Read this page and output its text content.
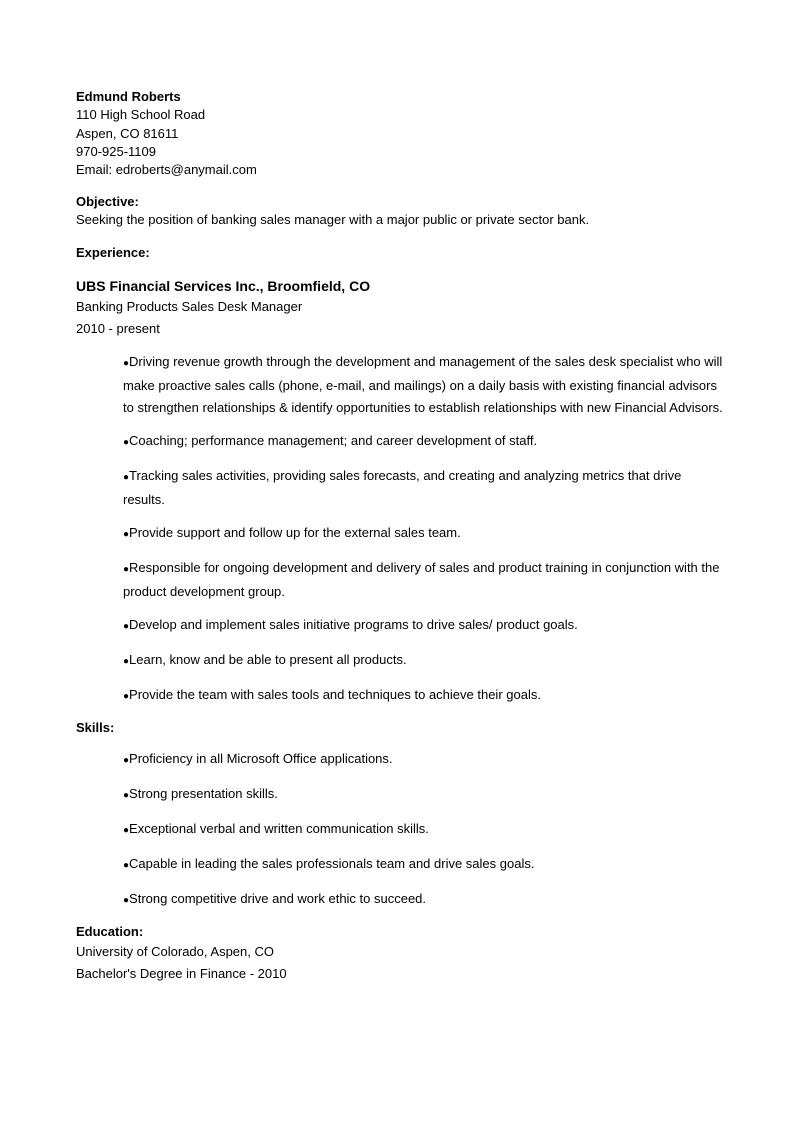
Edmund Roberts
110 High School Road
Aspen, CO 81611
970-925-1109
Email: edroberts@anymail.com
Objective:
Seeking the position of banking sales manager with a major public or private sector bank.
Experience:
UBS Financial Services Inc., Broomfield, CO
Banking Products Sales Desk Manager
2010 - present
●Driving revenue growth through the development and management of the sales desk specialist who will make proactive sales calls (phone, e-mail, and mailings) on a daily basis with existing financial advisors to strengthen relationships & identify opportunities to establish relationships with new Financial Advisors.
●Coaching; performance management; and career development of staff.
●Tracking sales activities, providing sales forecasts, and creating and analyzing metrics that drive results.
●Provide support and follow up for the external sales team.
●Responsible for ongoing development and delivery of sales and product training in conjunction with the product development group.
●Develop and implement sales initiative programs to drive sales/ product goals.
●Learn, know and be able to present all products.
●Provide the team with sales tools and techniques to achieve their goals.
Skills:
●Proficiency in all Microsoft Office applications.
●Strong presentation skills.
●Exceptional verbal and written communication skills.
●Capable in leading the sales professionals team and drive sales goals.
●Strong competitive drive and work ethic to succeed.
Education:
University of Colorado, Aspen, CO
Bachelor's Degree in Finance - 2010
